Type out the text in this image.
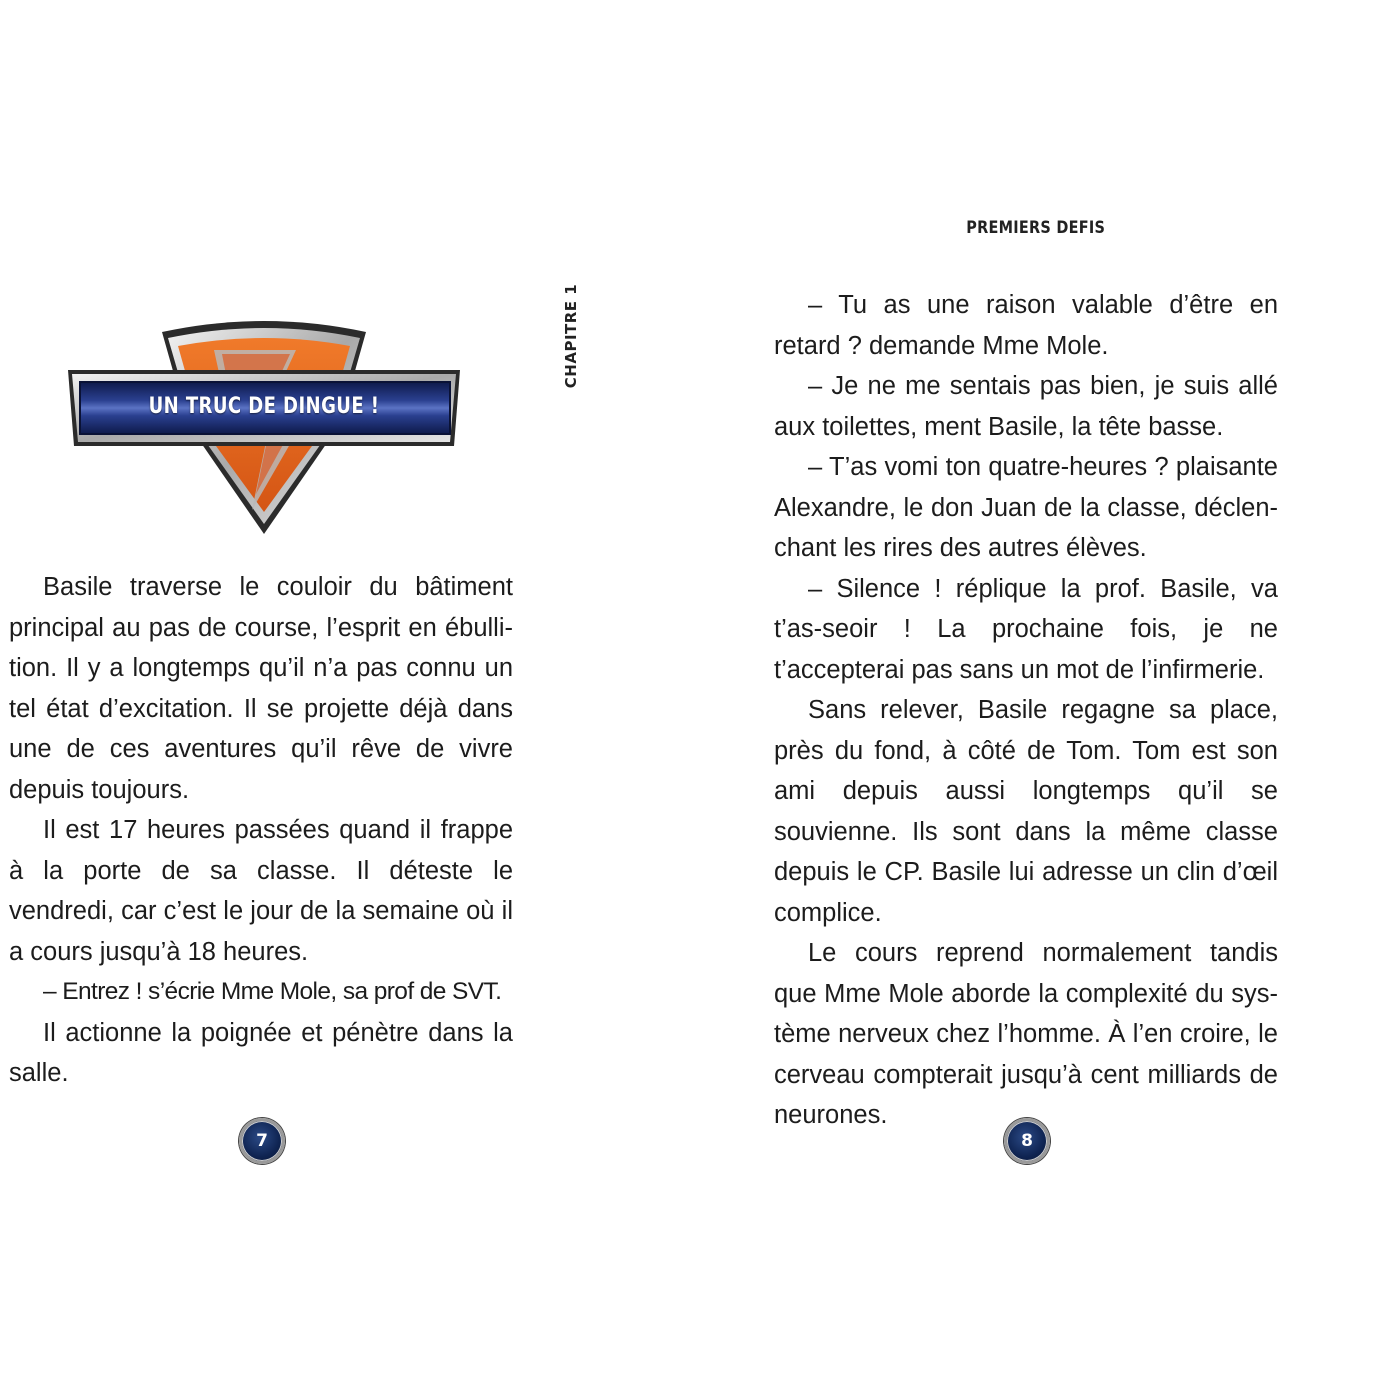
UN TRUC DE DINGUE !
CHAPITRE 1

Basile traverse le couloir du bâtiment principal au pas de course, l’esprit en ébulli-tion. Il y a longtemps qu’il n’a pas connu un tel état d’excitation. Il se projette déjà dans une de ces aventures qu’il rêve de vivre depuis toujours.

Il est 17 heures passées quand il frappe à la porte de sa classe. Il déteste le vendredi, car c’est le jour de la semaine où il a cours jusqu’à 18 heures.

– Entrez ! s’écrie Mme Mole, sa prof de SVT.

Il actionne la poignée et pénètre dans la salle.

7
PREMIERS DEFIS

– Tu as une raison valable d’être en retard ? demande Mme Mole.

– Je ne me sentais pas bien, je suis allé aux toilettes, ment Basile, la tête basse.

– T’as vomi ton quatre-heures ? plaisante Alexandre, le don Juan de la classe, déclen-chant les rires des autres élèves.

– Silence ! réplique la prof. Basile, va t’as-seoir ! La prochaine fois, je ne t’accepterai pas sans un mot de l’infirmerie.

Sans relever, Basile regagne sa place, près du fond, à côté de Tom. Tom est son ami depuis aussi longtemps qu’il se souvienne. Ils sont dans la même classe depuis le CP. Basile lui adresse un clin d’œil complice.

Le cours reprend normalement tandis que Mme Mole aborde la complexité du sys-tème nerveux chez l’homme. À l’en croire, le cerveau compterait jusqu’à cent milliards de neurones.

8
